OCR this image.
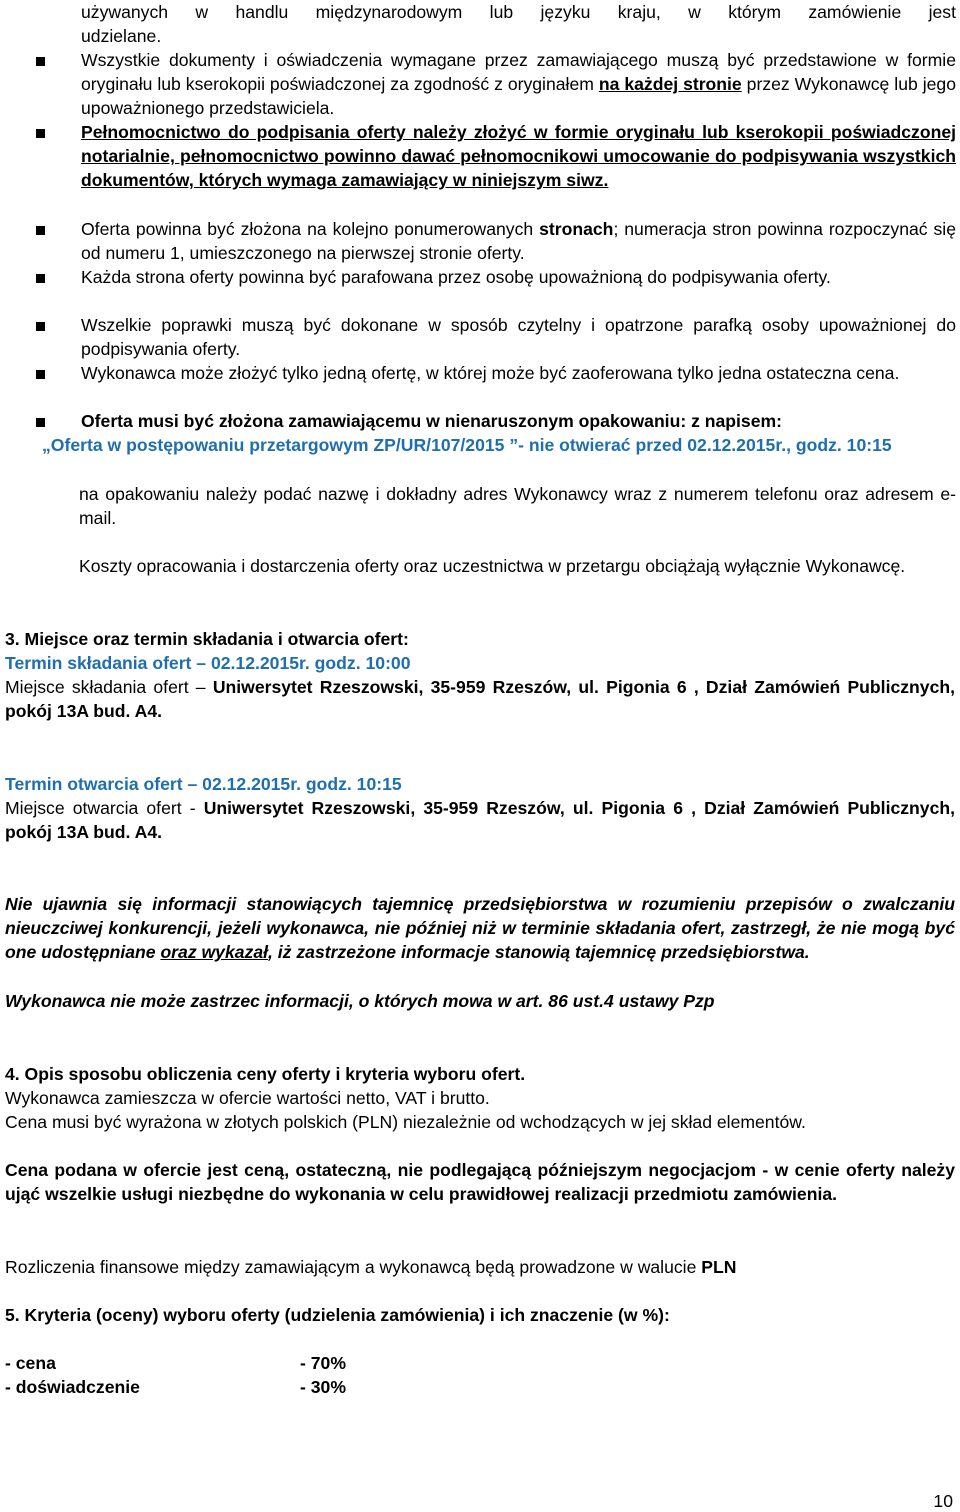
używanych w handlu międzynarodowym lub języku kraju, w którym zamówienie jest
udzielane.
Wszystkie dokumenty i oświadczenia wymagane przez zamawiającego muszą być przedstawione w formie oryginału lub kserokopii poświadczonej za zgodność z oryginałem na każdej stronie przez Wykonawcę lub jego upoważnionego przedstawiciela.
Pełnomocnictwo do podpisania oferty należy złożyć w formie oryginału lub kserokopii poświadczonej notarialnie, pełnomocnictwo powinno dawać pełnomocnikowi umocowanie do podpisywania wszystkich dokumentów, których wymaga zamawiający w niniejszym siwz.
Oferta powinna być złożona na kolejno ponumerowanych stronach; numeracja stron powinna rozpoczynać się od numeru 1, umieszczonego na pierwszej stronie oferty.
Każda strona oferty powinna być parafowana przez osobę upoważnioną do podpisywania oferty.
Wszelkie poprawki muszą być dokonane w sposób czytelny i opatrzone parafką osoby upoważnionej do podpisywania oferty.
Wykonawca może złożyć tylko jedną ofertę, w której może być zaoferowana tylko jedna ostateczna cena.
Oferta musi być złożona zamawiającemu w nienaruszonym opakowaniu: z napisem:
„Oferta w postępowaniu przetargowym ZP/UR/107/2015 ”- nie otwierać przed 02.12.2015r., godz. 10:15
na opakowaniu należy podać nazwę i dokładny adres Wykonawcy wraz z numerem telefonu oraz adresem e-mail.
Koszty opracowania i dostarczenia oferty oraz uczestnictwa w przetargu obciążają wyłącznie Wykonawcę.
3. Miejsce oraz termin składania i otwarcia ofert:
Termin składania ofert – 02.12.2015r. godz. 10:00
Miejsce składania ofert – Uniwersytet Rzeszowski, 35-959 Rzeszów, ul. Pigonia 6 , Dział Zamówień Publicznych, pokój 13A bud. A4.
Termin otwarcia ofert – 02.12.2015r. godz. 10:15
Miejsce otwarcia ofert - Uniwersytet Rzeszowski, 35-959 Rzeszów, ul. Pigonia 6 , Dział Zamówień Publicznych, pokój 13A bud. A4.
Nie ujawnia się informacji stanowiących tajemnicę przedsiębiorstwa w rozumieniu przepisów o zwalczaniu nieuczciwej konkurencji, jeżeli wykonawca, nie później niż w terminie składania ofert, zastrzegł, że nie mogą być one udostępniane oraz wykazał, iż zastrzeżone informacje stanowią tajemnicę przedsiębiorstwa.
Wykonawca nie może zastrzec informacji, o których mowa w art. 86 ust.4 ustawy Pzp
4. Opis sposobu obliczenia ceny oferty i kryteria wyboru ofert.
Wykonawca zamieszcza w ofercie wartości netto, VAT i brutto.
Cena musi być wyrażona w złotych polskich (PLN) niezależnie od wchodzących w jej skład elementów.
Cena podana w ofercie jest ceną, ostateczną, nie podlegającą późniejszym negocjacjom - w cenie oferty należy ująć wszelkie usługi niezbędne do wykonania w celu prawidłowej realizacji przedmiotu zamówienia.
Rozliczenia finansowe między zamawiającym a wykonawcą będą prowadzone w walucie PLN
5. Kryteria (oceny) wyboru oferty (udzielenia zamówienia) i ich znaczenie (w %):
- cena	- 70%
- doświadczenie	- 30%
10
